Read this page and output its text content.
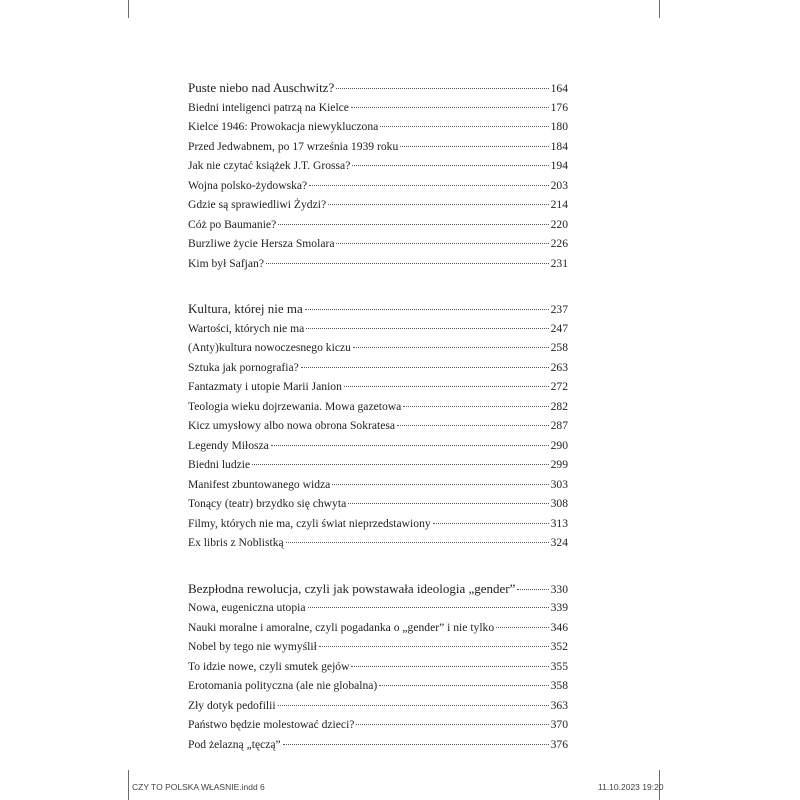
Puste niebo nad Auschwitz?	164
Biedni inteligenci patrzą na Kielce	176
Kielce 1946: Prowokacja niewykluczona	180
Przed Jedwabnem, po 17 września 1939 roku	184
Jak nie czytać książek J.T. Grossa?	194
Wojna polsko-żydowska?	203
Gdzie są sprawiedliwi Żydzi?	214
Cóż po Baumanie?	220
Burzliwe życie Hersza Smolara	226
Kim był Safjan?	231
Kultura, której nie ma	237
Wartości, których nie ma	247
(Anty)kultura nowoczesnego kiczu	258
Sztuka jak pornografia?	263
Fantazmaty i utopie Marii Janion	272
Teologia wieku dojrzewania. Mowa gazetowa	282
Kicz umysłowy albo nowa obrona Sokratesa	287
Legendy Miłosza	290
Biedni ludzie	299
Manifest zbuntowanego widza	303
Tonący (teatr) brzydko się chwyta	308
Filmy, których nie ma, czyli świat nieprzedstawiony	313
Ex libris z Noblistką	324
Bezpłodna rewolucja, czyli jak powstawała ideologia „gender”	330
Nowa, eugeniczna utopia	339
Nauki moralne i amoralne, czyli pogadanka o „gender” i nie tylko	346
Nobel by tego nie wymyślił	352
To idzie nowe, czyli smutek gejów	355
Erotomania polityczna (ale nie globalna)	358
Zły dotyk pedofilii	363
Państwo będzie molestować dzieci?	370
Pod żelazną „tęczą”	376
CZY TO POLSKA WŁASNIE.indd 6	11.10.2023 19:20
